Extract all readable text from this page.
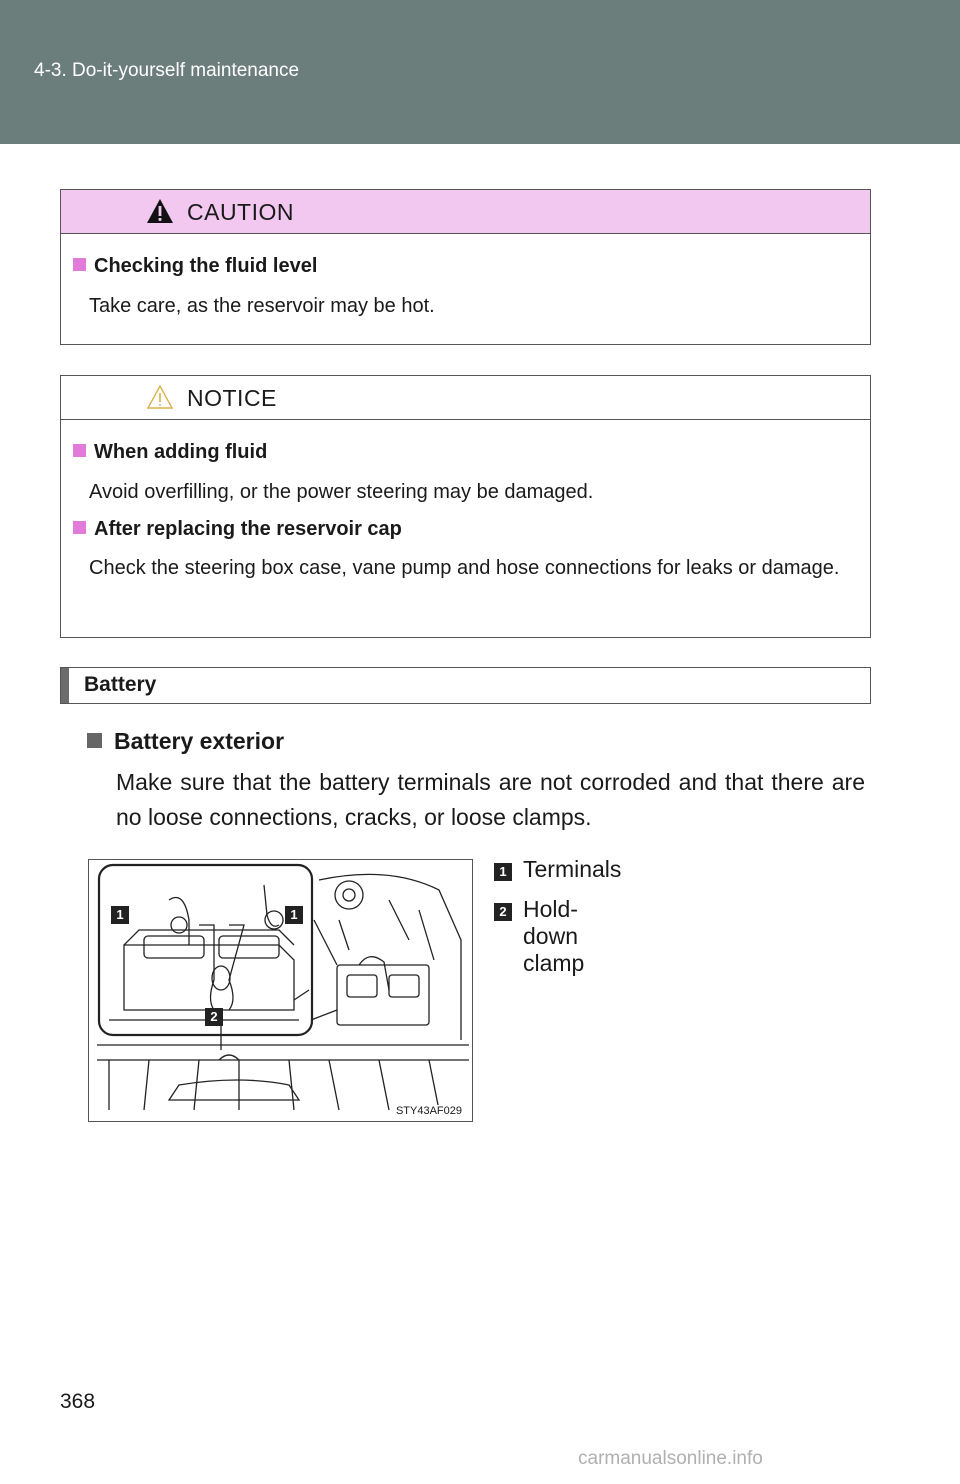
4-3. Do-it-yourself maintenance
CAUTION
Checking the fluid level
Take care, as the reservoir may be hot.
NOTICE
When adding fluid
Avoid overfilling, or the power steering may be damaged.
After replacing the reservoir cap
Check the steering box case, vane pump and hose connections for leaks or damage.
Battery
Battery exterior
Make sure that the battery terminals are not corroded and that there are no loose connections, cracks, or loose clamps.
1	1
2
STY43AF029
1 Terminals
2 Hold-down clamp
368
carmanualsonline.info
